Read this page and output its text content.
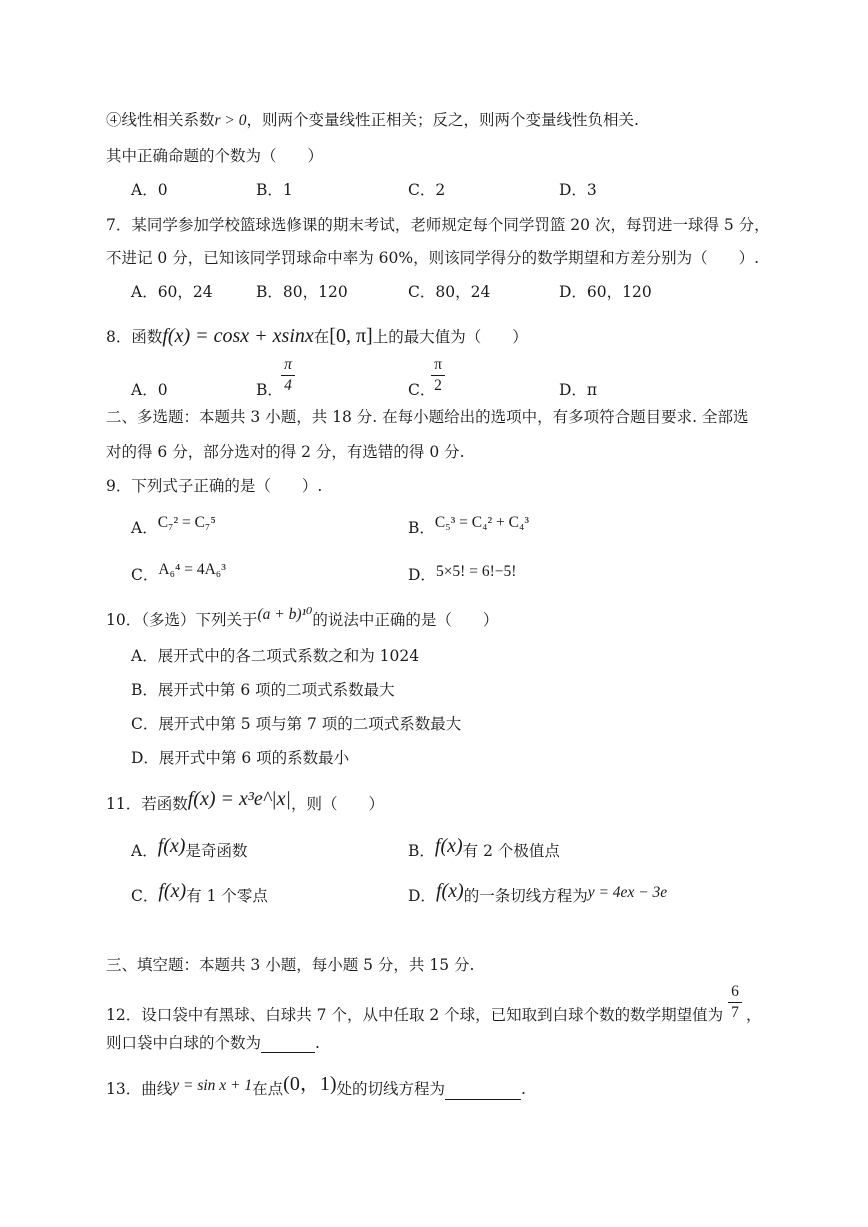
④线性相关系数r > 0，则两个变量线性正相关；反之，则两个变量线性负相关.
其中正确命题的个数为（　　）
A．0	B．1	C．2	D．3
7．某同学参加学校篮球选修课的期末考试，老师规定每个同学罚篮 20 次，每罚进一球得 5 分，
不进记 0 分，已知该同学罚球命中率为 60%，则该同学得分的数学期望和方差分别为（　　）.
A．60，24	B．80，120	C．80，24	D．60，120
8．函数f(x) = cosx + xsinx在[0, π]上的最大值为（　　）
A．0	B．
π
4	C．
π
2	D．π
二、多选题：本题共 3 小题，共 18 分. 在每小题给出的选项中，有多项符合题目要求. 全部选
对的得 6 分，部分选对的得 2 分，有选错的得 0 分.
9．下列式子正确的是（　　）.
A．C₇² = C₇⁵	B．C₅³ = C₄² + C₄³
C．A₆⁴ = 4A₆³	D．5×5! = 6!−5!
10．（多选）下列关于(a + b)¹⁰的说法中正确的是（　　）
A．展开式中的各二项式系数之和为 1024
B．展开式中第 6 项的二项式系数最大
C．展开式中第 5 项与第 7 项的二项式系数最大
D．展开式中第 6 项的系数最小
11．若函数f(x) = x³e^|x|，则（　　）
A．f(x)是奇函数	B．f(x)有 2 个极值点
C．f(x)有 1 个零点	D．f(x)的一条切线方程为y = 4ex − 3e
三、填空题：本题共 3 小题，每小题 5 分，共 15 分.
12．设口袋中有黑球、白球共 7 个，从中任取 2 个球，已知取到白球个数的数学期望值为
6
7 ，
则口袋中白球的个数为	.
13．曲线y = sin x + 1在点(0，1)处的切线方程为	.
